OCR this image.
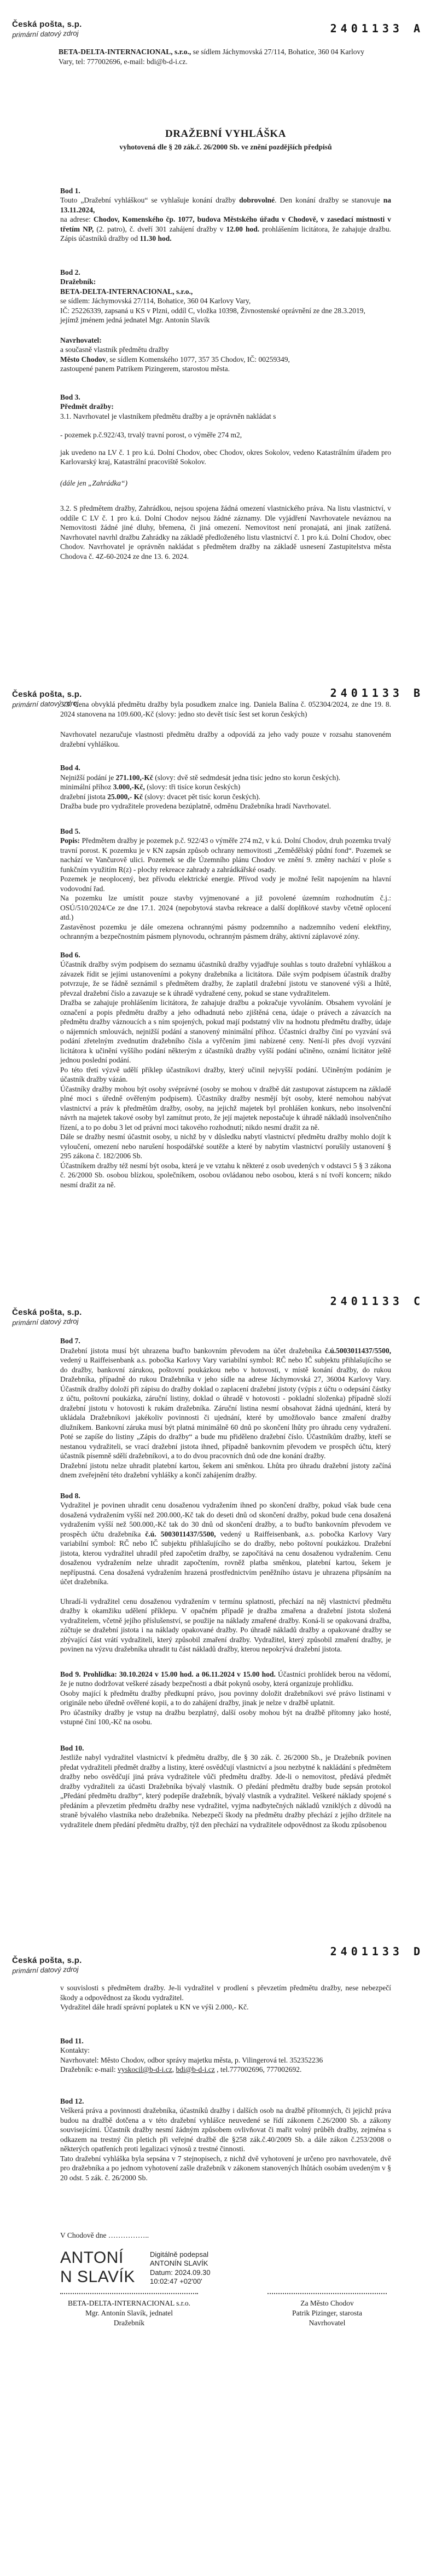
Česká pošta, s.p.
primární datový zdroj	2401133 A

BETA-DELTA-INTERNACIONAL, s.r.o., se sídlem Jáchymovská 27/114, Bohatice, 360 04 Karlovy Vary, tel: 777002696, e-mail: bdi@b-d-i.cz.

DRAŽEBNÍ VYHLÁŠKA
vyhotovená dle § 20 zák.č. 26/2000 Sb. ve znění pozdějších předpisů

Bod 1.

Touto „Dražební vyhláškou“ se vyhlašuje konání dražby dobrovolné. Den konání dražby se stanovuje na 13.11.2024,

na adrese: Chodov, Komenského čp. 1077, budova Městského úřadu v Chodově, v zasedací místnosti v třetím NP, (2. patro), č. dveří 301 zahájení dražby v 12.00 hod. prohlášením licitátora, že zahajuje dražbu. Zápis účastníků dražby od 11.30 hod.

Bod 2.

Dražebník:

BETA-DELTA-INTERNACIONAL, s.r.o.,

se sídlem: Jáchymovská 27/114, Bohatice, 360 04 Karlovy Vary,

IČ: 25226339, zapsaná u KS v Plzni, oddíl C, vložka 10398, Živnostenské oprávnění ze dne 28.3.2019,

jejímž jménem jedná jednatel Mgr. Antonín Slavík

Navrhovatel:

a současně vlastník předmětu dražby

Město Chodov, se sídlem Komenského 1077, 357 35 Chodov, IČ: 00259349,

zastoupené panem Patrikem Pizingerem, starostou města.

Bod 3.

Předmět dražby:

3.1. Navrhovatel je vlastníkem předmětu dražby a je oprávněn nakládat s

- pozemek p.č.922/43, trvalý travní porost, o výměře 274 m2,

jak uvedeno na LV č. 1 pro k.ú. Dolní Chodov, obec Chodov, okres Sokolov, vedeno Katastrálním úřadem pro Karlovarský kraj, Katastrální pracoviště Sokolov.

(dále jen „Zahrádka“)

3.2. S předmětem dražby, Zahrádkou, nejsou spojena žádná omezení vlastnického práva. Na listu vlastnictví, v oddíle C LV č. 1 pro k.ú. Dolní Chodov nejsou žádné záznamy. Dle vyjádření Navrhovatele neváznou na Nemovitosti žádné jiné dluhy, břemena, či jiná omezení. Nemovitost není pronajatá, ani jinak zatížená. Navrhovatel navrhl dražbu Zahrádky na základě předloženého listu vlastnictví č. 1 pro k.ú. Dolní Chodov, obec Chodov. Navrhovatel je oprávněn nakládat s předmětem dražby na základě usnesení Zastupitelstva města Chodova č. 4Z-60-2024 ze dne 13. 6. 2024.

Česká pošta, s.p.
primární datový zdroj
2401133 B

3.3. Cena obvyklá předmětu dražby byla posudkem znalce ing. Daniela Balína č. 052304/2024, ze dne 19. 8. 2024 stanovena na 109.600,-Kč (slovy: jedno sto devět tisíc šest set korun českých)

Navrhovatel nezaručuje vlastnosti předmětu dražby a odpovídá za jeho vady pouze v rozsahu stanoveném dražební vyhláškou.

Bod 4.

Nejnižší podání je 271.100,-Kč (slovy: dvě stě sedmdesát jedna tisíc jedno sto korun českých).

minimální příhoz 3.000,-Kč, (slovy: tři tisíce korun českých)

dražební jistota 25.000,- Kč (slovy: dvacet pět tisíc korun českých).

Dražba bude pro vydražitele provedena bezúplatně, odměnu Dražebníka hradí Navrhovatel.

Bod 5.

Popis: Předmětem dražby je pozemek p.č. 922/43 o výměře 274 m2, v k.ú. Dolní Chodov, druh pozemku trvalý travní porost. K pozemku je v KN zapsán způsob ochrany nemovitosti „Zemědělský půdní fond“. Pozemek se nachází ve Vančurově ulici. Pozemek se dle Územního plánu Chodov ve znění 9. změny nachází v ploše s funkčním využitím R(z) - plochy rekreace zahrady a zahrádkářské osady.

Pozemek je neoplocený, bez přívodu elektrické energie. Přívod vody je možné řešit napojením na hlavní vodovodní řad.

Na pozemku lze umístit pouze stavby vyjmenované a již povolené územním rozhodnutím č.j.: OSÚ/510/2024/Ce ze dne 17.1. 2024 (nepobytová stavba rekreace a další doplňkové stavby včetně oplocení atd.)

Zastavěnost pozemku je dále omezena ochrannými pásmy podzemního a nadzemního vedení elektřiny, ochranným a bezpečnostním pásmem plynovodu, ochranným pásmem dráhy, aktivní záplavové zóny.

Bod 6.

Účastník dražby svým podpisem do seznamu účastníků dražby vyjadřuje souhlas s touto dražební vyhláškou a závazek řídit se jejími ustanoveními a pokyny dražebníka a licitátora. Dále svým podpisem účastník dražby potvrzuje, že se řádně seznámil s předmětem dražby, že zaplatil dražební jistotu ve stanovené výši a lhůtě, převzal dražební číslo a zavazuje se k úhradě vydražené ceny, pokud se stane vydražitelem.

Dražba se zahajuje prohlášením licitátora, že zahajuje dražbu a pokračuje vyvoláním. Obsahem vyvolání je označení a popis předmětu dražby a jeho odhadnutá nebo zjištěná cena, údaje o právech a závazcích na předmětu dražby váznoucích a s ním spojených, pokud mají podstatný vliv na hodnotu předmětu dražby, údaje o nájemních smlouvách, nejnižší podání a stanovený minimální příhoz. Účastníci dražby činí po vyzvání svá podání zřetelným zvednutím dražebního čísla a vyřčením jimi nabízené ceny. Není-li přes dvojí vyzvání licitátora k učinění vyššího podání některým z účastníků dražby vyšší podání učiněno, oznámí licitátor ještě jednou poslední podání.

Po této třetí výzvě udělí příklep účastníkovi dražby, který učinil nejvyšší podání. Učiněným podáním je účastník dražby vázán.

Účastníky dražby mohou být osoby svéprávné (osoby se mohou v dražbě dát zastupovat zástupcem na základě plné moci s úředně ověřeným podpisem). Účastníky dražby nesmějí být osoby, které nemohou nabývat vlastnictví a práv k předmětům dražby, osoby, na jejichž majetek byl prohlášen konkurs, nebo insolvenční návrh na majetek takové osoby byl zamítnut proto, že její majetek nepostačuje k úhradě nákladů insolvenčního řízení, a to po dobu 3 let od právní moci takového rozhodnutí; nikdo nesmí dražit za ně.

Dále se dražby nesmí účastnit osoby, u nichž by v důsledku nabytí vlastnictví předmětu dražby mohlo dojít k vyloučení, omezení nebo narušení hospodářské soutěže a které by nabytím vlastnictví porušily ustanovení § 295 zákona č. 182/2006 Sb.

Účastníkem dražby též nesmí být osoba, která je ve vztahu k některé z osob uvedených v odstavci 5 § 3 zákona č. 26/2000 Sb. osobou blízkou, společníkem, osobou ovládanou nebo osobou, která s ní tvoří koncern; nikdo nesmí dražit za ně.

Česká pošta, s.p.
primární datový zdroj
2401133 C

Bod 7.

Dražební jistota musí být uhrazena buďto bankovním převodem na účet dražebníka č.ú.5003011437/5500, vedený u Raiffeisenbank a.s. pobočka Karlovy Vary variabilní symbol: RČ nebo IČ subjektu přihlašujícího se do dražby, bankovní zárukou, poštovní poukázkou nebo v hotovosti, v místě konání dražby, do rukou Dražebníka, případně do rukou Dražebníka v jeho sídle na adrese Jáchymovská 27, 36004 Karlovy Vary. Účastník dražby doloží při zápisu do dražby doklad o zaplacení dražební jistoty (výpis z účtu o odepsání částky z účtu, poštovní poukázka, záruční listiny, doklad o úhradě v hotovosti - pokladní složenka) případně složí dražební jistotu v hotovosti k rukám dražebníka. Záruční listina nesmí obsahovat žádná ujednání, která by ukládala Dražebníkovi jakékoliv povinnosti či ujednání, které by umožňovalo bance zmaření dražby dlužníkem. Bankovní záruka musí být platná minimálně 60 dnů po skončení lhůty pro úhradu ceny vydražení. Poté se zapíše do listiny „Zápis do dražby“ a bude mu přiděleno dražební číslo. Účastníkům dražby, kteří se nestanou vydražiteli, se vrací dražební jistota ihned, případně bankovním převodem ve prospěch účtu, který účastník písemně sdělí dražebníkovi, a to do dvou pracovních dnů ode dne konání dražby.

Dražební jistotu nelze uhradit platební kartou, šekem ani směnkou. Lhůta pro úhradu dražební jistoty začíná dnem zveřejnění této dražební vyhlášky a končí zahájením dražby.

Bod 8.

Vydražitel je povinen uhradit cenu dosaženou vydražením ihned po skončení dražby, pokud však bude cena dosažená vydražením vyšší než 200.000,-Kč tak do deseti dnů od skončení dražby, pokud bude cena dosažená vydražením vyšší než 500.000,-Kč tak do 30 dnů od skončení dražby, a to buďto bankovním převodem ve prospěch účtu dražebníka č.ú. 5003011437/5500, vedený u Raiffeisenbank, a.s. pobočka Karlovy Vary variabilní symbol: RČ nebo IČ subjektu přihlašujícího se do dražby, nebo poštovní poukázkou. Dražební jistota, kterou vydražitel uhradil před započetím dražby, se započítává na cenu dosaženou vydražením. Cenu dosaženou vydražením nelze uhradit započtením, rovněž platba směnkou, platební kartou, šekem je nepřípustná. Cena dosažená vydražením hrazená prostřednictvím peněžního ústavu je uhrazena připsáním na účet dražebníka.

Uhradí-li vydražitel cenu dosaženou vydražením v termínu splatnosti, přechází na něj vlastnictví předmětu dražby k okamžiku udělení příklepu. V opačném případě je dražba zmařena a dražební jistota složená vydražitelem, včetně jejího příslušenství, se použije na náklady zmařené dražby. Koná-li se opakovaná dražba, zúčtuje se dražební jistota i na náklady opakované dražby. Po úhradě nákladů dražby a opakované dražby se zbývající část vrátí vydražiteli, který způsobil zmaření dražby. Vydražitel, který způsobil zmaření dražby, je povinen na výzvu dražebníka uhradit tu část nákladů dražby, kterou nepokrývá dražební jistota.

Bod 9. Prohlídka: 30.10.2024 v 15.00 hod. a 06.11.2024 v 15.00 hod. Účastníci prohlídek berou na vědomí, že je nutno dodržovat veškeré zásady bezpečnosti a dbát pokynů osoby, která organizuje prohlídku.

Osoby mající k předmětu dražby předkupní právo, jsou povinny doložit dražebníkovi své právo listinami v originále nebo úředně ověřené kopii, a to do zahájení dražby, jinak je nelze v dražbě uplatnit.

Pro účastníky dražby je vstup na dražbu bezplatný, další osoby mohou být na dražbě přítomny jako hosté, vstupné činí 100,-Kč na osobu.

Bod 10.

Jestliže nabyl vydražitel vlastnictví k předmětu dražby, dle § 30 zák. č. 26/2000 Sb., je Dražebník povinen předat vydražiteli předmět dražby a listiny, které osvědčují vlastnictví a jsou nezbytné k nakládání s předmětem dražby nebo osvědčují jiná práva vydražitele vůči předmětu dražby. Jde-li o nemovitost, předává předmět dražby vydražiteli za účasti Dražebníka bývalý vlastník. O předání předmětu dražby bude sepsán protokol „Předání předmětu dražby“, který podepíše dražebník, bývalý vlastník a vydražitel. Veškeré náklady spojené s předáním a převzetím předmětu dražby nese vydražitel, vyjma nadbytečných nákladů vzniklých z důvodů na straně bývalého vlastníka nebo dražebníka. Nebezpečí škody na předmětu dražby přechází z jejího držitele na vydražitele dnem předání předmětu dražby, týž den přechází na vydražitele odpovědnost za škodu způsobenou

Česká pošta, s.p.
primární datový zdroj
2401133 D

v souvislosti s předmětem dražby. Je-li vydražitel v prodlení s převzetím předmětu dražby, nese nebezpečí škody a odpovědnost za škodu vydražitel.

Vydražitel dále hradí správní poplatek u KN ve výši 2.000,- Kč.

Bod 11.

Kontakty:

Navrhovatel: Město Chodov, odbor správy majetku města, p. Vilingerová tel. 352352236

Dražebník: e-mail: vyskocil@b-d-i.cz, bdi@b-d-i.cz , tel.777002696, 777002692.

Bod 12.

Veškerá práva a povinnosti dražebníka, účastníků dražby i dalších osob na dražbě přítomných, či jejichž práva budou na dražbě dotčena a v této dražební vyhlášce neuvedené se řídí zákonem č.26/2000 Sb. a zákony souvisejícími. Účastník dražby nesmí žádným způsobem ovlivňovat či mařit volný průběh dražby, zejména s odkazem na trestný čin pletich při veřejné dražbě dle §258 zák.č.40/2009 Sb. a dále zákon č.253/2008 o některých opatřeních proti legalizaci výnosů z trestné činnosti.

Tato dražební vyhláška byla sepsána v 7 stejnopisech, z nichž dvě vyhotovení je určeno pro navrhovatele, dvě pro dražebníka a po jednom vyhotovení zašle dražebník v zákonem stanovených lhůtách osobám uvedeným v § 20 odst. 5 zák. č. 26/2000 Sb.

V Chodově dne ……………..

ANTONÍ
N SLAVÍK
Digitálně podepsal
ANTONÍN SLAVÍK
Datum: 2024.09.30
10:02:47 +02'00'

BETA-DELTA-INTERNACIONAL s.r.o.

Mgr. Antonín Slavík, jednatel

Dražebník

Za Město Chodov

Patrik Pizinger, starosta

Navrhovatel
